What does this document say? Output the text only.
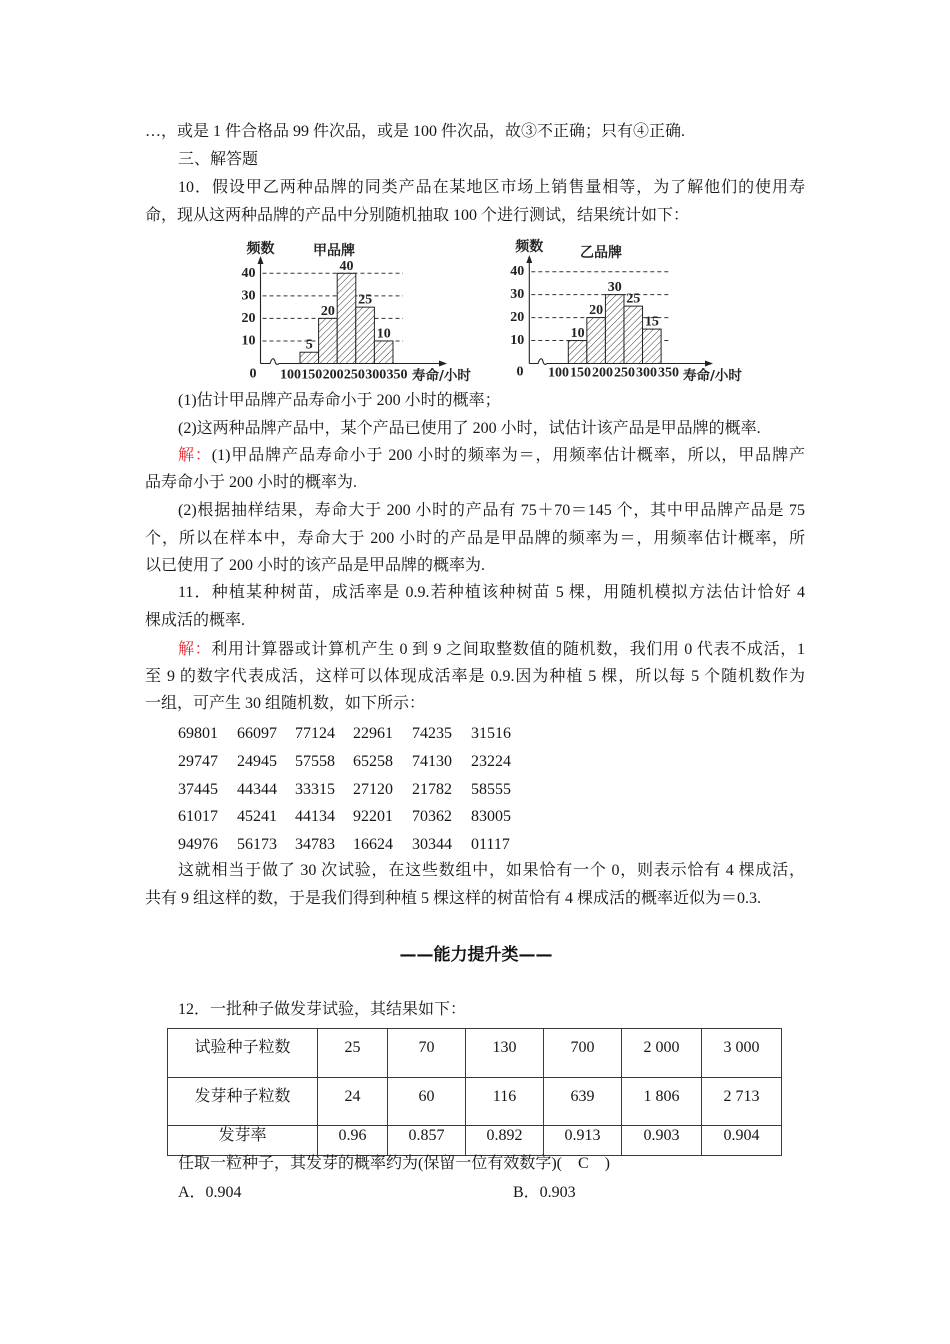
…，或是 1 件合格品 99 件次品，或是 100 件次品，故③不正确；只有④正确.
三、解答题
10．假设甲乙两种品牌的同类产品在某地区市场上销售量相等，为了解他们的使用寿
命，现从这两种品牌的产品中分别随机抽取 100 个进行测试，结果统计如下：
10
20
30
40
5
20
40
25
10
频数	甲品牌
0 100 150 200 250 300 350 寿命/小时
10
20
30
40
10
20
30
25
15
频数	乙品牌
0 100 150 200 250 300 350 寿命/小时
(1)估计甲品牌产品寿命小于 200 小时的概率；
(2)这两种品牌产品中，某个产品已使用了 200 小时，试估计该产品是甲品牌的概率.
解：(1)甲品牌产品寿命小于 200 小时的频率为＝，用频率估计概率，所以，甲品牌产
品寿命小于 200 小时的概率为.
(2)根据抽样结果，寿命大于 200 小时的产品有 75＋70＝145 个，其中甲品牌产品是 75
个，所以在样本中，寿命大于 200 小时的产品是甲品牌的频率为＝，用频率估计概率，所
以已使用了 200 小时的该产品是甲品牌的概率为.
11．种植某种树苗，成活率是 0.9.若种植该种树苗 5 棵，用随机模拟方法估计恰好 4
棵成活的概率.
解：利用计算器或计算机产生 0 到 9 之间取整数值的随机数，我们用 0 代表不成活，1
至 9 的数字代表成活，这样可以体现成活率是 0.9.因为种植 5 棵，所以每 5 个随机数作为
一组，可产生 30 组随机数，如下所示：
69801	66097	77124	22961	74235	31516
29747	24945	57558	65258	74130	23224
37445	44344	33315	27120	21782	58555
61017	45241	44134	92201	70362	83005
94976	56173	34783	16624	30344	01117
这就相当于做了 30 次试验，在这些数组中，如果恰有一个 0，则表示恰有 4 棵成活，
共有 9 组这样的数，于是我们得到种植 5 棵这样的树苗恰有 4 棵成活的概率近似为＝0.3.
——能力提升类——
12．一批种子做发芽试验，其结果如下：
试验种子粒数	25	70	130	700	2 000	3 000
发芽种子粒数	24	60	116	639	1 806	2 713
发芽率	0.96	0.857	0.892	0.913	0.903	0.904
任取一粒种子，其发芽的概率约为(保留一位有效数字)(　C　)
A．0.904	B．0.903
